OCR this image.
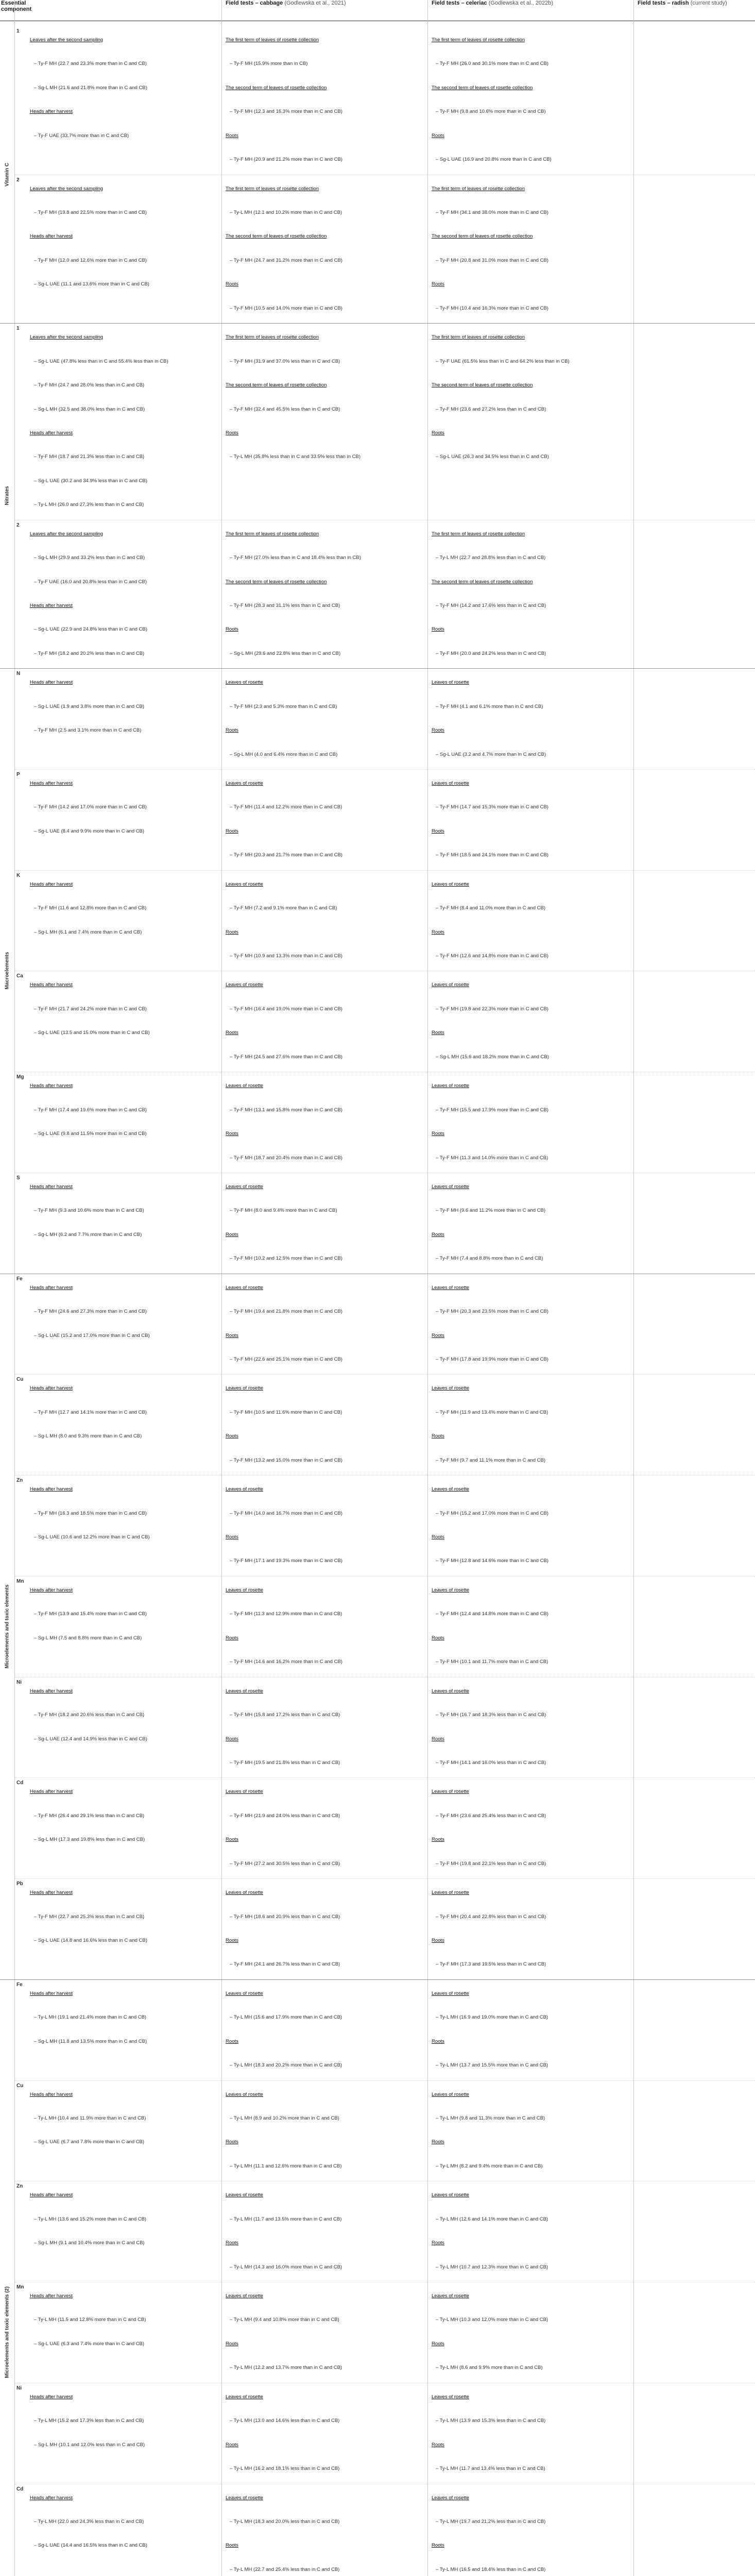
Essential component
Field tests – cabbage (Godlewska et al., 2021)	Field tests – celeriac (Godlewska et al., 2022b)	Field tests – radish (current study)
1
Leaves after the second sampling
– Ty-F MH (22.7 and 23.3% more than in C and CB)
– Sg-L MH (21.6 and 21.8% more than in C and CB)
Heads after harvest
– Ty-F UAE (33.7% more than in C and CB)
The first term of leaves of rosette collection
– Ty-F MH (15.9% more than in CB)
The second term of leaves of rosette collection
– Ty-F MH (12.3 and 16.3% more than in C and CB)
Roots
– Ty-F MH (20.9 and 21.2% more than in C and CB)
The first term of leaves of rosette collection
– Ty-F MH (26.0 and 30.1% more than in C and CB)
The second term of leaves of rosette collection
– Ty-F MH (9.8 and 10.6% more than in C and CB)
Roots
– Sg-L UAE (16.9 and 20.8% more than in C and CB)
2
Leaves after the second sampling
– Ty-F MH (19.8 and 22.5% more than in C and CB)
Heads after harvest
– Ty-F MH (12.0 and 12.6% more than in C and CB)
– Sg-L UAE (11.1 and 13.6% more than in C and CB)
The first term of leaves of rosette collection
– Ty-L MH (12.1 and 10.2% more than in C and CB)
The second term of leaves of rosette collection
– Ty-F MH (24.7 and 31.2% more than in C and CB)
Roots
– Ty-F MH (10.5 and 14.0% more than in C and CB)
The first term of leaves of rosette collection
– Ty-F MH (34.1 and 38.0% more than in C and CB)
The second term of leaves of rosette collection
– Ty-F MH (20.8 and 31.0% more than in C and CB)
Roots
– Ty-F MH (10.4 and 16.3% more than in C and CB)
Vitamin C
1
Leaves after the second sampling
– Sg-L UAE (47.8% less than in C and 55.4% less than in CB)
– Ty-F MH (24.7 and 28.0% less than in C and CB)
– Sg-L MH (32.5 and 38.0% less than in C and CB)
Heads after harvest
– Ty-F MH (18.7 and 21.3% less than in C and CB)
– Sg-L UAE (30.2 and 34.9% less than in C and CB)
– Ty-L MH (26.0 and 27.3% less than in C and CB)
The first term of leaves of rosette collection
– Ty-F MH (31.9 and 37.0% less than in C and CB)
The second term of leaves of rosette collection
– Ty-F MH (32.4 and 45.5% less than in C and CB)
Roots
– Ty-L MH (35.8% less than in C and 33.5% less than in CB)
The first term of leaves of rosette collection
– Ty-F UAE (61.5% less than in C and 64.2% less than in CB)
The second term of leaves of rosette collection
– Ty-F MH (23.6 and 27.2% less than in C and CB)
Roots
– Sg-L UAE (26.3 and 34.5% less than in C and CB)
2
Leaves after the second sampling
– Sg-L MH (29.9 and 33.2% less than in C and CB)
– Ty-F UAE (16.0 and 20.8% less than in C and CB)
Heads after harvest
– Sg-L UAE (22.9 and 24.8% less than in C and CB)
– Ty-F MH (18.2 and 20.2% less than in C and CB)
The first term of leaves of rosette collection
– Ty-F MH (27.0% less than in C and 18.4% less than in CB)
The second term of leaves of rosette collection
– Ty-F MH (28.3 and 31.1% less than in C and CB)
Roots
– Sg-L MH (29.6 and 22.8% less than in C and CB)
The first term of leaves of rosette collection
– Ty-L MH (22.7 and 28.8% less than in C and CB)
The second term of leaves of rosette collection
– Ty-F MH (14.2 and 17.6% less than in C and CB)
Roots
– Ty-F MH (20.0 and 24.2% less than in C and CB)
Nitrates
N
Heads after harvest
– Sg-L UAE (1.9 and 3.8% more than in C and CB)
– Ty-F MH (2.5 and 3.1% more than in C and CB)
Leaves of rosette
– Ty-F MH (2.3 and 5.3% more than in C and CB)
Roots
– Sg-L MH (4.0 and 6.4% more than in C and CB)
Leaves of rosette
– Ty-F MH (4.1 and 6.1% more than in C and CB)
Roots
– Sg-L UAE (3.2 and 4.7% more than in C and CB)
P
Heads after harvest
– Ty-F MH (14.2 and 17.0% more than in C and CB)
– Sg-L UAE (8.4 and 9.9% more than in C and CB)
Leaves of rosette
– Ty-F MH (11.4 and 12.2% more than in C and CB)
Roots
– Ty-F MH (20.3 and 21.7% more than in C and CB)
Leaves of rosette
– Ty-F MH (14.7 and 15.3% more than in C and CB)
Roots
– Ty-F MH (18.5 and 24.1% more than in C and CB)
K
Heads after harvest
– Ty-F MH (11.6 and 12.8% more than in C and CB)
– Sg-L MH (6.1 and 7.4% more than in C and CB)
Leaves of rosette
– Ty-F MH (7.2 and 9.1% more than in C and CB)
Roots
– Ty-F MH (10.9 and 13.3% more than in C and CB)
Leaves of rosette
– Ty-F MH (8.4 and 11.0% more than in C and CB)
Roots
– Ty-F MH (12.6 and 14.8% more than in C and CB)
Ca
Heads after harvest
– Ty-F MH (21.7 and 24.2% more than in C and CB)
– Sg-L UAE (13.5 and 15.0% more than in C and CB)
Leaves of rosette
– Ty-F MH (16.4 and 19.0% more than in C and CB)
Roots
– Ty-F MH (24.5 and 27.6% more than in C and CB)
Leaves of rosette
– Ty-F MH (19.8 and 22.3% more than in C and CB)
Roots
– Sg-L MH (15.6 and 18.2% more than in C and CB)
Mg
Heads after harvest
– Ty-F MH (17.4 and 19.6% more than in C and CB)
– Sg-L UAE (9.8 and 11.5% more than in C and CB)
Leaves of rosette
– Ty-F MH (13.1 and 15.8% more than in C and CB)
Roots
– Ty-F MH (18.7 and 20.4% more than in C and CB)
Leaves of rosette
– Ty-F MH (15.5 and 17.9% more than in C and CB)
Roots
– Ty-F MH (11.3 and 14.0% more than in C and CB)
S
Heads after harvest
– Ty-F MH (9.3 and 10.6% more than in C and CB)
– Sg-L MH (6.2 and 7.7% more than in C and CB)
Leaves of rosette
– Ty-F MH (8.0 and 9.4% more than in C and CB)
Roots
– Ty-F MH (10.2 and 12.5% more than in C and CB)
Leaves of rosette
– Ty-F MH (9.6 and 11.2% more than in C and CB)
Roots
– Ty-F MH (7.4 and 8.8% more than in C and CB)
Macroelements
Fe
Heads after harvest
– Ty-F MH (24.6 and 27.3% more than in C and CB)
– Sg-L UAE (15.2 and 17.0% more than in C and CB)
Leaves of rosette
– Ty-F MH (19.4 and 21.8% more than in C and CB)
Roots
– Ty-F MH (22.6 and 25.1% more than in C and CB)
Leaves of rosette
– Ty-F MH (20.3 and 23.5% more than in C and CB)
Roots
– Ty-F MH (17.8 and 19.9% more than in C and CB)
Cu
Heads after harvest
– Ty-F MH (12.7 and 14.1% more than in C and CB)
– Sg-L MH (8.0 and 9.3% more than in C and CB)
Leaves of rosette
– Ty-F MH (10.5 and 11.6% more than in C and CB)
Roots
– Ty-F MH (13.2 and 15.0% more than in C and CB)
Leaves of rosette
– Ty-F MH (11.9 and 13.4% more than in C and CB)
Roots
– Ty-F MH (9.7 and 11.1% more than in C and CB)
Zn
Heads after harvest
– Ty-F MH (16.3 and 18.5% more than in C and CB)
– Sg-L UAE (10.6 and 12.2% more than in C and CB)
Leaves of rosette
– Ty-F MH (14.0 and 16.7% more than in C and CB)
Roots
– Ty-F MH (17.1 and 19.3% more than in C and CB)
Leaves of rosette
– Ty-F MH (15.2 and 17.0% more than in C and CB)
Roots
– Ty-F MH (12.8 and 14.6% more than in C and CB)
Mn
Heads after harvest
– Ty-F MH (13.9 and 15.4% more than in C and CB)
– Sg-L MH (7.5 and 8.8% more than in C and CB)
Leaves of rosette
– Ty-F MH (11.3 and 12.9% more than in C and CB)
Roots
– Ty-F MH (14.6 and 16.2% more than in C and CB)
Leaves of rosette
– Ty-F MH (12.4 and 14.8% more than in C and CB)
Roots
– Ty-F MH (10.1 and 11.7% more than in C and CB)
Ni
Heads after harvest
– Ty-F MH (18.2 and 20.6% less than in C and CB)
– Sg-L UAE (12.4 and 14.9% less than in C and CB)
Leaves of rosette
– Ty-F MH (15.8 and 17.2% less than in C and CB)
Roots
– Ty-F MH (19.5 and 21.8% less than in C and CB)
Leaves of rosette
– Ty-F MH (16.7 and 18.3% less than in C and CB)
Roots
– Ty-F MH (14.1 and 16.0% less than in C and CB)
Cd
Heads after harvest
– Ty-F MH (26.4 and 29.1% less than in C and CB)
– Sg-L MH (17.3 and 19.8% less than in C and CB)
Leaves of rosette
– Ty-F MH (21.9 and 24.0% less than in C and CB)
Roots
– Ty-F MH (27.2 and 30.5% less than in C and CB)
Leaves of rosette
– Ty-F MH (23.6 and 25.4% less than in C and CB)
Roots
– Ty-F MH (19.8 and 22.1% less than in C and CB)
Pb
Heads after harvest
– Ty-F MH (22.7 and 25.3% less than in C and CB)
– Sg-L UAE (14.8 and 16.6% less than in C and CB)
Leaves of rosette
– Ty-F MH (18.6 and 20.9% less than in C and CB)
Roots
– Ty-F MH (24.1 and 26.7% less than in C and CB)
Leaves of rosette
– Ty-F MH (20.4 and 22.8% less than in C and CB)
Roots
– Ty-F MH (17.3 and 19.5% less than in C and CB)
Microelements and toxic elements
Fe
Heads after harvest
– Ty-L MH (19.1 and 21.4% more than in C and CB)
– Sg-L MH (11.8 and 13.5% more than in C and CB)
Leaves of rosette
– Ty-L MH (15.6 and 17.9% more than in C and CB)
Roots
– Ty-L MH (18.3 and 20.2% more than in C and CB)
Leaves of rosette
– Ty-L MH (16.9 and 19.0% more than in C and CB)
Roots
– Ty-L MH (13.7 and 15.5% more than in C and CB)
Cu
Heads after harvest
– Ty-L MH (10.4 and 11.9% more than in C and CB)
– Sg-L UAE (6.7 and 7.8% more than in C and CB)
Leaves of rosette
– Ty-L MH (8.9 and 10.2% more than in C and CB)
Roots
– Ty-L MH (11.1 and 12.6% more than in C and CB)
Leaves of rosette
– Ty-L MH (9.8 and 11.3% more than in C and CB)
Roots
– Ty-L MH (8.2 and 9.4% more than in C and CB)
Zn
Heads after harvest
– Ty-L MH (13.6 and 15.2% more than in C and CB)
– Sg-L MH (9.1 and 10.4% more than in C and CB)
Leaves of rosette
– Ty-L MH (11.7 and 13.5% more than in C and CB)
Roots
– Ty-L MH (14.3 and 16.0% more than in C and CB)
Leaves of rosette
– Ty-L MH (12.6 and 14.1% more than in C and CB)
Roots
– Ty-L MH (10.7 and 12.3% more than in C and CB)
Mn
Heads after harvest
– Ty-L MH (11.5 and 12.8% more than in C and CB)
– Sg-L UAE (6.3 and 7.4% more than in C and CB)
Leaves of rosette
– Ty-L MH (9.4 and 10.8% more than in C and CB)
Roots
– Ty-L MH (12.2 and 13.7% more than in C and CB)
Leaves of rosette
– Ty-L MH (10.3 and 12.0% more than in C and CB)
Roots
– Ty-L MH (8.6 and 9.9% more than in C and CB)
Ni
Heads after harvest
– Ty-L MH (15.2 and 17.3% less than in C and CB)
– Sg-L MH (10.1 and 12.0% less than in C and CB)
Leaves of rosette
– Ty-L MH (13.0 and 14.6% less than in C and CB)
Roots
– Ty-L MH (16.2 and 18.1% less than in C and CB)
Leaves of rosette
– Ty-L MH (13.9 and 15.3% less than in C and CB)
Roots
– Ty-L MH (11.7 and 13.4% less than in C and CB)
Cd
Heads after harvest
– Ty-L MH (22.0 and 24.3% less than in C and CB)
– Sg-L UAE (14.4 and 16.5% less than in C and CB)
Leaves of rosette
– Ty-L MH (18.3 and 20.0% less than in C and CB)
Roots
– Ty-L MH (22.7 and 25.4% less than in C and CB)
Leaves of rosette
– Ty-L MH (19.7 and 21.2% less than in C and CB)
Roots
– Ty-L MH (16.5 and 18.4% less than in C and CB)
Microelements and toxic elements (2)
